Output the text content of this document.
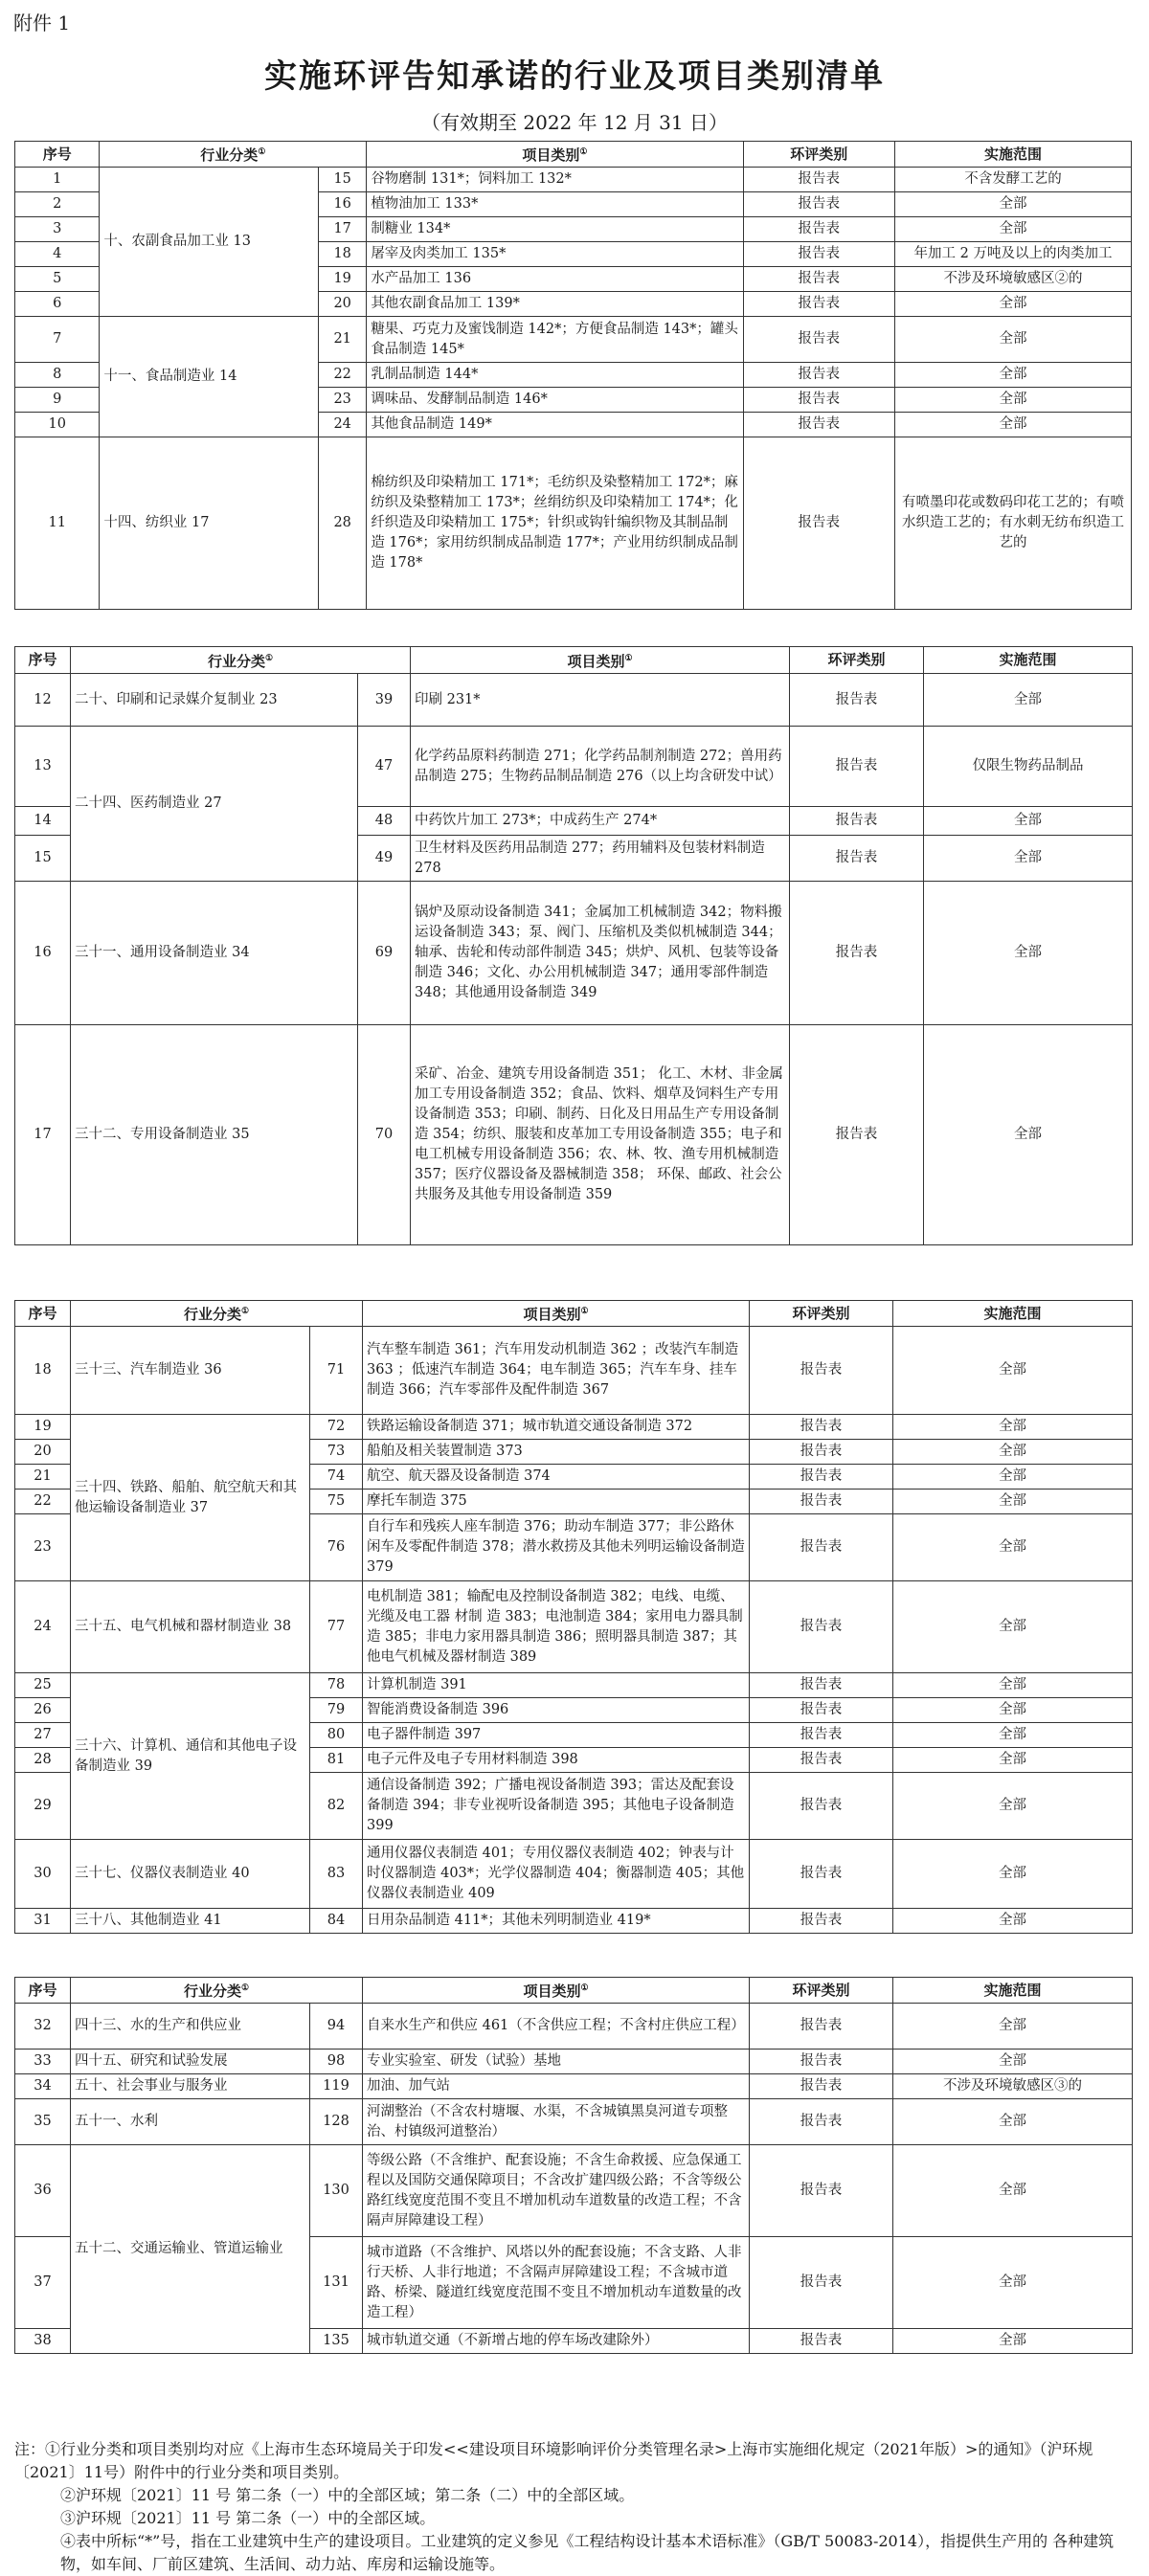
附件 1
实施环评告知承诺的行业及项目类别清单
（有效期至 2022 年 12 月 31 日）
序号	行业分类①		项目类别①	环评类别	实施范围
1	十、农副食品加工业 13	15	谷物磨制 131*；饲料加工 132*	报告表	不含发酵工艺的
2		16	植物油加工 133*	报告表	全部
3		17	制糖业 134*	报告表	全部
4		18	屠宰及肉类加工 135*	报告表	年加工 2 万吨及以上的肉类加工
5		19	水产品加工 136	报告表	不涉及环境敏感区②的
6		20	其他农副食品加工 139*	报告表	全部
7	十一、食品制造业 14	21	糖果、巧克力及蜜饯制造 142*；方便食品制造 143*；罐头食品制造 145*	报告表	全部
8		22	乳制品制造 144*	报告表	全部
9		23	调味品、发酵制品制造 146*	报告表	全部
10		24	其他食品制造 149*	报告表	全部
11	十四、纺织业 17	28	棉纺织及印染精加工 171*；毛纺织及染整精加工 172*；麻纺织及染整精加工 173*；丝绢纺织及印染精加工 174*；化纤织造及印染精加工 175*；针织或钩针编织物及其制品制造 176*；家用纺织制成品制造 177*；产业用纺织制成品制造 178*	报告表	有喷墨印花或数码印花工艺的；有喷水织造工艺的；有水刺无纺布织造工艺的
序号	行业分类①		项目类别①	环评类别	实施范围
12	二十、印刷和记录媒介复制业 23	39	印刷 231*	报告表	全部
13	二十四、医药制造业 27	47	化学药品原料药制造 271；化学药品制剂制造 272；兽用药品制造 275；生物药品制品制造 276（以上均含研发中试）	报告表	仅限生物药品制品
14		48	中药饮片加工 273*；中成药生产 274*	报告表	全部
15		49	卫生材料及医药用品制造 277；药用辅料及包装材料制造 278	报告表	全部
16	三十一、通用设备制造业 34	69	锅炉及原动设备制造 341；金属加工机械制造 342；物料搬运设备制造 343；泵、阀门、压缩机及类似机械制造 344；轴承、齿轮和传动部件制造 345；烘炉、风机、包装等设备制造 346；文化、办公用机械制造 347；通用零部件制造 348；其他通用设备制造 349	报告表	全部
17	三十二、专用设备制造业 35	70	采矿、冶金、建筑专用设备制造 351； 化工、木材、非金属加工专用设备制造 352；食品、饮料、烟草及饲料生产专用设备制造 353；印刷、制药、日化及日用品生产专用设备制造 354；纺织、服装和皮革加工专用设备制造 355；电子和电工机械专用设备制造 356；农、林、牧、渔专用机械制造 357；医疗仪器设备及器械制造 358； 环保、邮政、社会公共服务及其他专用设备制造 359	报告表	全部
序号	行业分类①		项目类别①	环评类别	实施范围
18	三十三、汽车制造业 36	71	汽车整车制造 361；汽车用发动机制造 362 ；改装汽车制造 363 ；低速汽车制造 364；电车制造 365；汽车车身、挂车制造 366；汽车零部件及配件制造 367	报告表	全部
19	三十四、铁路、船舶、航空航天和其他运输设备制造业 37	72	铁路运输设备制造 371；城市轨道交通设备制造 372	报告表	全部
20		73	船舶及相关装置制造 373	报告表	全部
21		74	航空、航天器及设备制造 374	报告表	全部
22		75	摩托车制造 375	报告表	全部
23		76	自行车和残疾人座车制造 376；助动车制造 377；非公路休闲车及零配件制造 378；潜水救捞及其他未列明运输设备制造 379	报告表	全部
24	三十五、电气机械和器材制造业 38	77	电机制造 381；输配电及控制设备制造 382；电线、电缆、光缆及电工器 材制 造 383；电池制造 384；家用电力器具制造 385；非电力家用器具制造 386；照明器具制造 387；其他电气机械及器材制造 389	报告表	全部
25	三十六、计算机、通信和其他电子设备制造业 39	78	计算机制造 391	报告表	全部
26		79	智能消费设备制造 396	报告表	全部
27		80	电子器件制造 397	报告表	全部
28		81	电子元件及电子专用材料制造 398	报告表	全部
29		82	通信设备制造 392；广播电视设备制造 393；雷达及配套设备制造 394；非专业视听设备制造 395；其他电子设备制造 399	报告表	全部
30	三十七、仪器仪表制造业 40	83	通用仪器仪表制造 401；专用仪器仪表制造 402；钟表与计时仪器制造 403*；光学仪器制造 404；衡器制造 405；其他仪器仪表制造业 409	报告表	全部
31	三十八、其他制造业 41	84	日用杂品制造 411*；其他未列明制造业 419*	报告表	全部
序号	行业分类①		项目类别①	环评类别	实施范围
32	四十三、水的生产和供应业	94	自来水生产和供应 461（不含供应工程；不含村庄供应工程）	报告表	全部
33	四十五、研究和试验发展	98	专业实验室、研发（试验）基地	报告表	全部
34	五十、社会事业与服务业	119	加油、加气站	报告表	不涉及环境敏感区③的
35	五十一、水利	128	河湖整治（不含农村塘堰、水渠，不含城镇黑臭河道专项整治、村镇级河道整治）	报告表	全部
36	五十二、交通运输业、管道运输业	130	等级公路（不含维护、配套设施；不含生命救援、应急保通工程以及国防交通保障项目；不含改扩建四级公路；不含等级公路红线宽度范围不变且不增加机动车道数量的改造工程；不含隔声屏障建设工程）	报告表	全部
37		131	城市道路（不含维护、风塔以外的配套设施；不含支路、人非行天桥、人非行地道；不含隔声屏障建设工程；不含城市道路、桥梁、隧道红线宽度范围不变且不增加机动车道数量的改造工程）	报告表	全部
38		135	城市轨道交通（不新增占地的停车场改建除外）	报告表	全部
注：①行业分类和项目类别均对应《上海市生态环境局关于印发<<建设项目环境影响评价分类管理名录>上海市实施细化规定（2021年版）>的通知》（沪环规〔2021〕11号）附件中的行业分类和项目类别。
②沪环规〔2021〕11 号 第二条（一）中的全部区域；第二条（二）中的全部区域。
③沪环规〔2021〕11 号 第二条（一）中的全部区域。
④表中所标“*”号，指在工业建筑中生产的建设项目。工业建筑的定义参见《工程结构设计基本术语标准》（GB/T 50083-2014），指提供生产用的 各种建筑物，如车间、厂前区建筑、生活间、动力站、库房和运输设施等。
